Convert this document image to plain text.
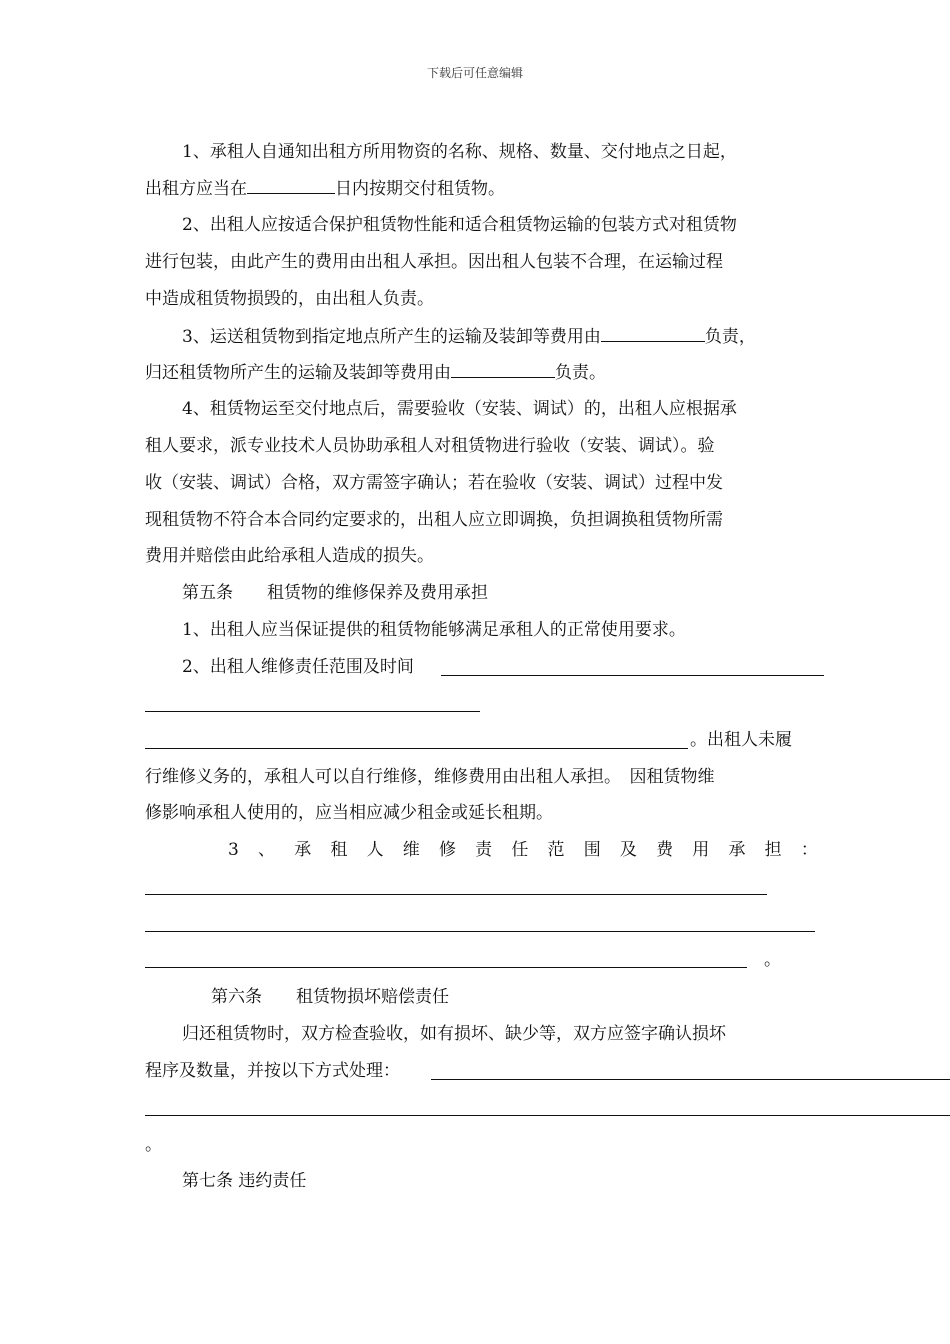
下载后可任意编辑
1、承租人自通知出租方所用物资的名称、规格、数量、交付地点之日起，
出租方应当在	日内按期交付租赁物。
2、出租人应按适合保护租赁物性能和适合租赁物运输的包装方式对租赁物
进行包装，由此产生的费用由出租人承担。因出租人包装不合理，在运输过程
中造成租赁物损毁的，由出租人负责。
3、运送租赁物到指定地点所产生的运输及装卸等费用由	负责，
归还租赁物所产生的运输及装卸等费用由	负责。
4、租赁物运至交付地点后，需要验收（安装、调试）的，出租人应根据承
租人要求，派专业技术人员协助承租人对租赁物进行验收（安装、调试）。验
收（安装、调试）合格，双方需签字确认；若在验收（安装、调试）过程中发
现租赁物不符合本合同约定要求的，出租人应立即调换，负担调换租赁物所需
费用并赔偿由此给承租人造成的损失。
第五条　　租赁物的维修保养及费用承担
1、出租人应当保证提供的租赁物能够满足承租人的正常使用要求。
2、出租人维修责任范围及时间
。出租人未履
行维修义务的，承租人可以自行维修，维修费用由出租人承担。　因租赁物维
修影响承租人使用的，应当相应减少租金或延长租期。
3 、 承 租 人 维 修 责 任 范 围 及 费 用 承 担 ：
。
第六条　　租赁物损坏赔偿责任
归还租赁物时，双方检查验收，如有损坏、缺少等，双方应签字确认损坏
程序及数量，并按以下方式处理：
。
第七条 违约责任
